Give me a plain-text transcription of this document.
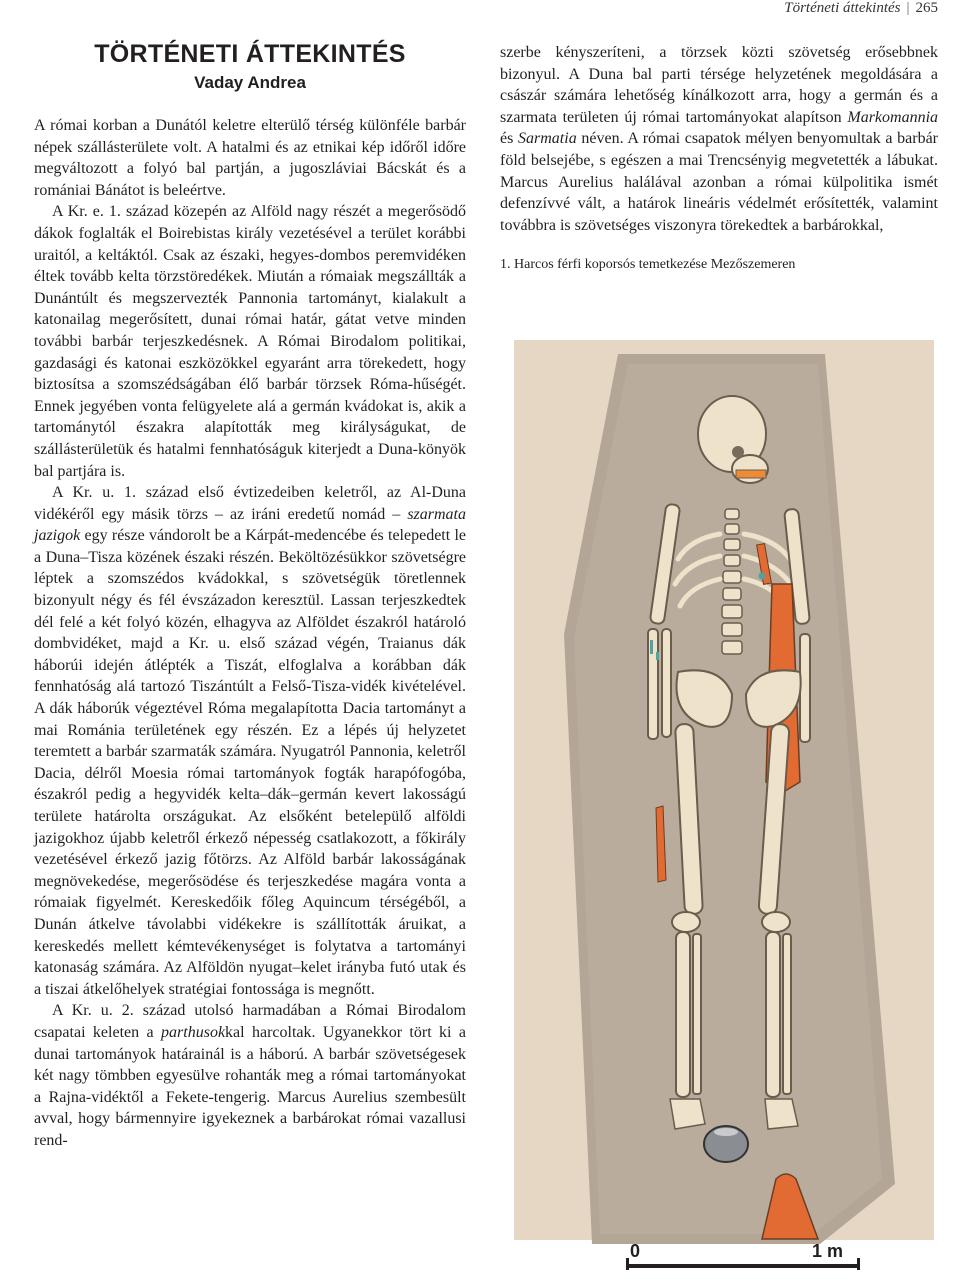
Történeti áttekintés | 265
TÖRTÉNETI ÁTTEKINTÉS
Vaday Andrea

A római korban a Dunától keletre elterülő térség különféle barbár népek szállásterülete volt. A hatalmi és az etnikai kép időről időre megváltozott a folyó bal partján, a jugoszláviai Bácskát és a romániai Bánátot is beleértve.

A Kr. e. 1. század közepén az Alföld nagy részét a megerősödő dákok foglalták el Boirebistas király vezetésével a terület korábbi uraitól, a keltáktól. Csak az északi, hegyes-dombos peremvidéken éltek tovább kelta törzstöredékek. Miután a rómaiak megszállták a Dunántúlt és megszervezték Pannonia tartományt, kialakult a katonailag megerősített, dunai római határ, gátat vetve minden további barbár terjeszkedésnek. A Római Birodalom politikai, gazdasági és katonai eszközökkel egyaránt arra törekedett, hogy biztosítsa a szomszédságában élő barbár törzsek Róma-hűségét. Ennek jegyében vonta felügyelete alá a germán kvádokat is, akik a tartománytól északra alapították meg királyságukat, de szállásterületük és hatalmi fennhatóságuk kiterjedt a Duna-könyök bal partjára is.

A Kr. u. 1. század első évtizedeiben keletről, az Al-Duna vidékéről egy másik törzs – az iráni eredetű nomád – szarmata jazigok egy része vándorolt be a Kárpát-medencébe és telepedett le a Duna–Tisza közének északi részén. Beköltözésükkor szövetségre léptek a szomszédos kvádokkal, s szövetségük töretlennek bizonyult négy és fél évszázadon keresztül. Lassan terjeszkedtek dél felé a két folyó közén, elhagyva az Alföldet északról határoló dombvidéket, majd a Kr. u. első század végén, Traianus dák háborúi idején átlépték a Tiszát, elfoglalva a korábban dák fennhatóság alá tartozó Tiszántúlt a Felső-Tisza-vidék kivételével. A dák háborúk végeztével Róma megalapította Dacia tartományt a mai Románia területének egy részén. Ez a lépés új helyzetet teremtett a barbár szarmaták számára. Nyugatról Pannonia, keletről Dacia, délről Moesia római tartományok fogták harapófogóba, északról pedig a hegyvidék kelta–dák–germán kevert lakosságú területe határolta országukat. Az elsőként betelepülő alföldi jazigokhoz újabb keletről érkező népesség csatlakozott, a főkirály vezetésével érkező jazig főtörzs. Az Alföld barbár lakosságának megnövekedése, megerősödése és terjeszkedése magára vonta a rómaiak figyelmét. Kereskedőik főleg Aquincum térségéből, a Dunán átkelve távolabbi vidékekre is szállították áruikat, a kereskedés mellett kémtevékenységet is folytatva a tartományi katonaság számára. Az Alföldön nyugat–kelet irányba futó utak és a tiszai átkelőhelyek stratégiai fontossága is megnőtt.

A Kr. u. 2. század utolsó harmadában a Római Birodalom csapatai keleten a parthusokkal harcoltak. Ugyanekkor tört ki a dunai tartományok határainál is a háború. A barbár szövetségesek két nagy tömbben egyesülve rohanták meg a római tartományokat a Rajna-vidéktől a Fekete-tengerig. Marcus Aurelius szembesült avval, hogy bármennyire igyekeznek a barbárokat római vazallusi rend-

szerbe kényszeríteni, a törzsek közti szövetség erősebbnek bizonyul. A Duna bal parti térsége helyzetének megoldására a császár számára lehetőség kínálkozott arra, hogy a germán és a szarmata területen új római tartományokat alapítson Markomannia és Sarmatia néven. A római csapatok mélyen benyomultak a barbár föld belsejébe, s egészen a mai Trencsényig megvetették a lábukat. Marcus Aurelius halálával azonban a római külpolitika ismét defenzívvé vált, a határok lineáris védelmét erősítették, valamint továbbra is szövetséges viszonyra törekedtek a barbárokkal,

1. Harcos férfi koporsós temetkezése Mezőszemeren
0	1 m
